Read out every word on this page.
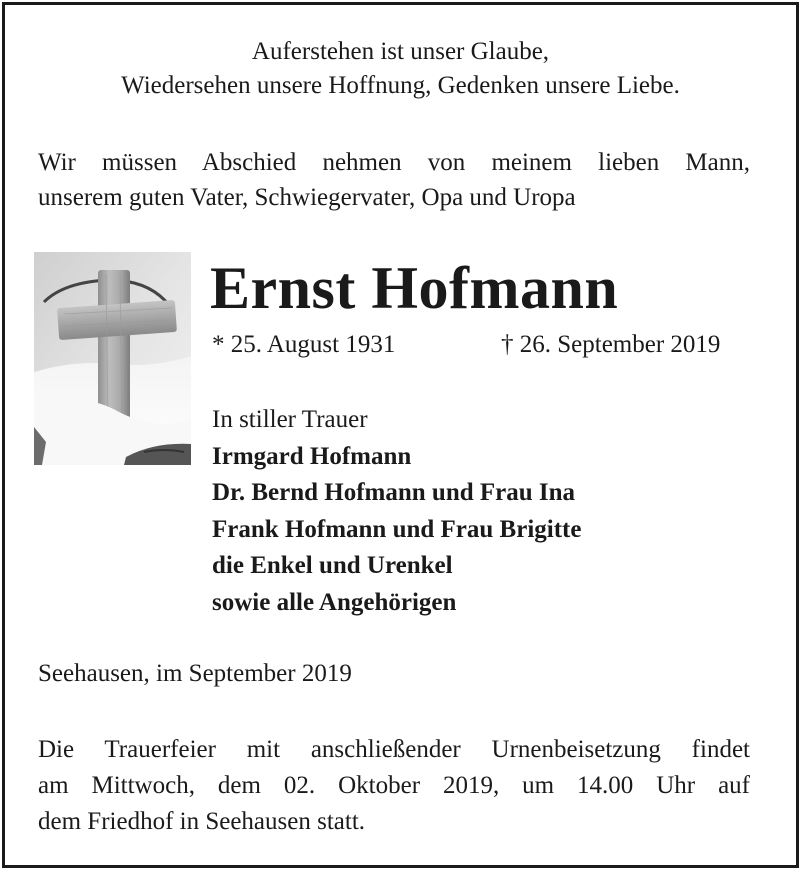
Auferstehen ist unser Glaube,
Wiedersehen unsere Hoffnung, Gedenken unsere Liebe.
Wir müssen Abschied nehmen von meinem lieben Mann,
unserem guten Vater, Schwiegervater, Opa und Uropa
Ernst Hofmann
* 25. August 1931	† 26. September 2019
In stiller Trauer
Irmgard Hofmann
Dr. Bernd Hofmann und Frau Ina
Frank Hofmann und Frau Brigitte
die Enkel und Urenkel
sowie alle Angehörigen
Seehausen, im September 2019
Die Trauerfeier mit anschließender Urnenbeisetzung findet
am Mittwoch, dem 02. Oktober 2019, um 14.00 Uhr auf
dem Friedhof in Seehausen statt.
